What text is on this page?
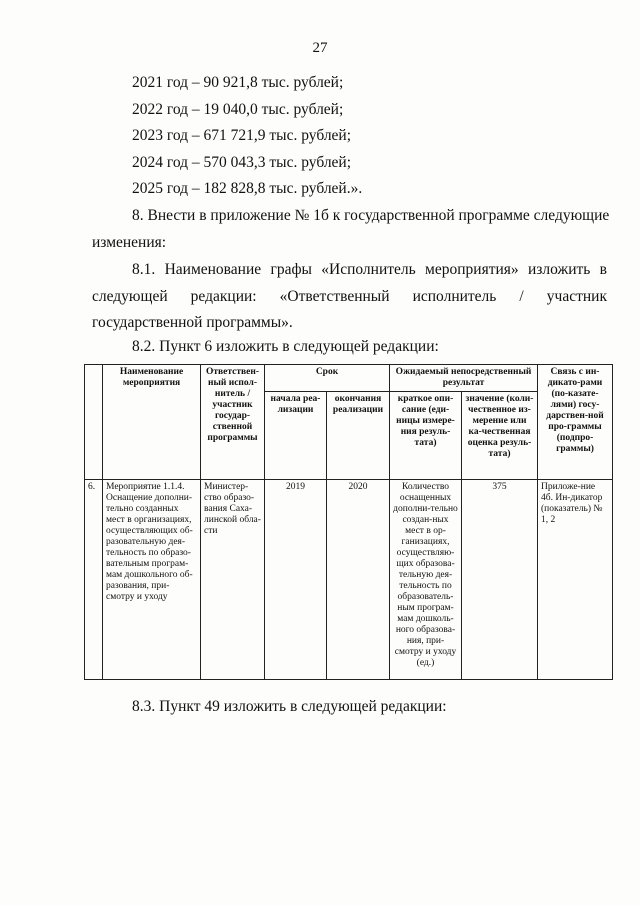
27
2021 год – 90 921,8 тыс. рублей;
2022 год – 19 040,0 тыс. рублей;
2023 год – 671 721,9 тыс. рублей;
2024 год – 570 043,3 тыс. рублей;
2025 год – 182 828,8 тыс. рублей.».
8. Внести в приложение № 1б к государственной программе следующие
изменения:
8.1. Наименование графы «Исполнитель мероприятия» изложить в
следующей редакции: «Ответственный исполнитель / участник
государственной программы».
8.2. Пункт 6 изложить в следующей редакции:
	Наименование мероприятия	Ответствен-ный испол-нитель / участник государ-ственной программы	Срок		Ожидаемый непосредственный результат		Связь с ин-дикато-рами (по-казате-лями) госу-дарствен-ной про-граммы (подпро-граммы)
			начала реа-лизации	окончания реализации	краткое опи-сание (еди-ницы измере-ния резуль-тата)	значение (коли-чественное из-мерение или ка-чественная оценка резуль-тата)	
6.	Мероприятие 1.1.4. Оснащение дополни-тельно созданных мест в организациях, осуществляющих об-разовательную дея-тельность по образо-вательным програм-мам дошкольного об-разования, при-смотру и уходу	Министер-ство образо-вания Саха-линской обла-сти	2019	2020	Количество оснащенных дополни-тельно создан-ных мест в ор-ганизациях, осуществляю-щих образова-тельную дея-тельность по образователь-ным програм-мам дошколь-ного образова-ния, при-смотру и уходу (ед.)	375	Приложе-ние 4б. Ин-дикатор (показатель) № 1, 2
8.3. Пункт 49 изложить в следующей редакции:
